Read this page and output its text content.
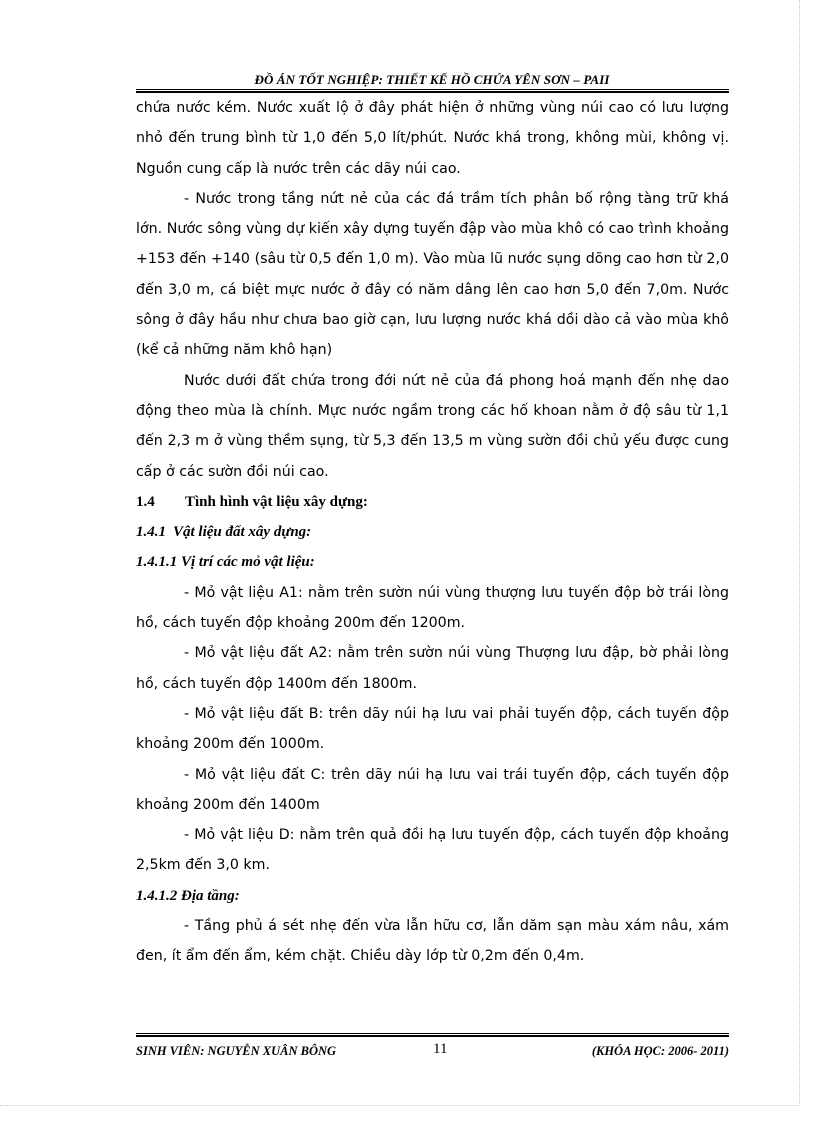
ĐỒ ÁN TỐT NGHIỆP: THIẾT KẾ HỒ CHỨA YÊN SƠN – PAII

chứa nước kém. Nước xuất lộ ở đây phát hiện ở những vùng núi cao có lưu lượng nhỏ đến trung bình từ 1,0 đến 5,0 lít/phút. Nước khá trong, không mùi, không vị. Nguồn cung cấp là nước trên các dãy núi cao.

- Nước trong tầng nứt nẻ của các đá trầm tích phân bố rộng tàng trữ khá lớn. Nước sông vùng dự kiến xây dựng tuyến đập vào mùa khô có cao trình khoảng +153 đến +140 (sâu từ 0,5 đến 1,0 m). Vào mùa lũ nước sụng dõng cao hơn từ 2,0 đến 3,0 m, cá biệt mực nước ở đây có năm dâng lên cao hơn 5,0 đến 7,0m. Nước sông ở đây hầu như chưa bao giờ cạn, lưu lượng nước khá dồi dào cả vào mùa khô (kể cả những năm khô hạn)

Nước dưới đất chứa trong đới nứt nẻ của đá phong hoá mạnh đến nhẹ dao động theo mùa là chính. Mực nước ngầm trong các hố khoan nằm ở độ sâu từ 1,1 đến 2,3 m ở vùng thềm sụng, từ 5,3 đến 13,5 m vùng sườn đồi chủ yếu được cung cấp ở các sườn đồi núi cao.

1.4 Tình hình vật liệu xây dựng:

1.4.1 Vật liệu đất xây dựng:

1.4.1.1 Vị trí các mỏ vật liệu:

- Mỏ vật liệu A1: nằm trên sườn núi vùng thượng lưu tuyến độp bờ trái lòng hồ, cách tuyến độp khoảng 200m đến 1200m.

- Mỏ vật liệu đất A2: nằm trên sườn núi vùng Thượng lưu đập, bờ phải lòng hồ, cách tuyến độp 1400m đến 1800m.

- Mỏ vật liệu đất B: trên dãy núi hạ lưu vai phải tuyến độp, cách tuyến độp khoảng 200m đến 1000m.

- Mỏ vật liệu đất C: trên dãy núi hạ lưu vai trái tuyến độp, cách tuyến độp khoảng 200m đến 1400m

- Mỏ vật liệu D: nằm trên quả đồi hạ lưu tuyến độp, cách tuyến độp khoảng 2,5km đến 3,0 km.

1.4.1.2 Địa tầng:

- Tầng phủ á sét nhẹ đến vừa lẫn hữu cơ, lẫn dăm sạn màu xám nâu, xám đen, ít ẩm đến ẩm, kém chặt. Chiều dày lớp từ 0,2m đến 0,4m.

SINH VIÊN: NGUYỄN XUÂN BÔNG	11	(KHÓA HỌC: 2006- 2011)
